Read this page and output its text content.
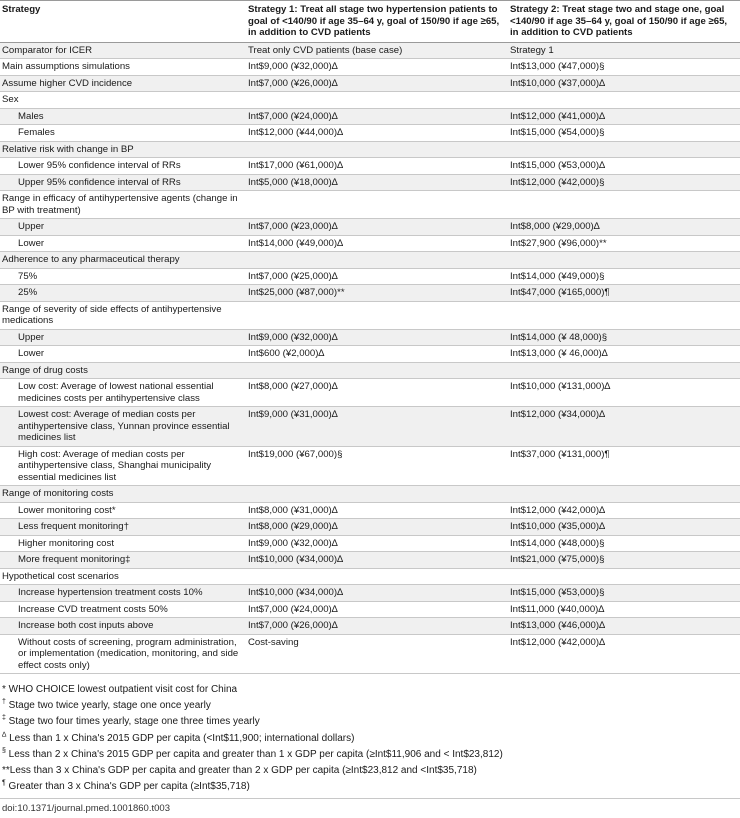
Strategy	Strategy 1: Treat all stage two hypertension patients to goal of <140/90 if age 35–64 y, goal of 150/90 if age ≥65, in addition to CVD patients	Strategy 2: Treat stage two and stage one, goal <140/90 if age 35–64 y, goal of 150/90 if age ≥65, in addition to CVD patients
Comparator for ICER	Treat only CVD patients (base case)	Strategy 1
Main assumptions simulations	Int$9,000 (¥32,000)∆	Int$13,000 (¥47,000)§
Assume higher CVD incidence	Int$7,000 (¥26,000)∆	Int$10,000 (¥37,000)∆
Sex		
Males	Int$7,000 (¥24,000)∆	Int$12,000 (¥41,000)∆
Females	Int$12,000 (¥44,000)∆	Int$15,000 (¥54,000)§
Relative risk with change in BP		
Lower 95% confidence interval of RRs	Int$17,000 (¥61,000)∆	Int$15,000 (¥53,000)∆
Upper 95% confidence interval of RRs	Int$5,000 (¥18,000)∆	Int$12,000 (¥42,000)§
Range in efficacy of antihypertensive agents (change in BP with treatment)		
Upper	Int$7,000 (¥23,000)∆	Int$8,000 (¥29,000)∆
Lower	Int$14,000 (¥49,000)∆	Int$27,900 (¥96,000)**
Adherence to any pharmaceutical therapy		
75%	Int$7,000 (¥25,000)∆	Int$14,000 (¥49,000)§
25%	Int$25,000 (¥87,000)**	Int$47,000 (¥165,000)¶
Range of severity of side effects of antihypertensive medications		
Upper	Int$9,000 (¥32,000)∆	Int$14,000 (¥ 48,000)§
Lower	Int$600 (¥2,000)∆	Int$13,000 (¥ 46,000)∆
Range of drug costs		
Low cost: Average of lowest national essential medicines costs per antihypertensive class	Int$8,000 (¥27,000)∆	Int$10,000 (¥131,000)∆
Lowest cost: Average of median costs per antihypertensive class, Yunnan province essential medicines list	Int$9,000 (¥31,000)∆	Int$12,000 (¥34,000)∆
High cost: Average of median costs per antihypertensive class, Shanghai municipality essential medicines list	Int$19,000 (¥67,000)§	Int$37,000 (¥131,000)¶
Range of monitoring costs		
Lower monitoring cost*	Int$8,000 (¥31,000)∆	Int$12,000 (¥42,000)∆
Less frequent monitoring†	Int$8,000 (¥29,000)∆	Int$10,000 (¥35,000)∆
Higher monitoring cost	Int$9,000 (¥32,000)∆	Int$14,000 (¥48,000)§
More frequent monitoring‡	Int$10,000 (¥34,000)∆	Int$21,000 (¥75,000)§
Hypothetical cost scenarios		
Increase hypertension treatment costs 10%	Int$10,000 (¥34,000)∆	Int$15,000 (¥53,000)§
Increase CVD treatment costs 50%	Int$7,000 (¥24,000)∆	Int$11,000 (¥40,000)∆
Increase both cost inputs above	Int$7,000 (¥26,000)∆	Int$13,000 (¥46,000)∆
Without costs of screening, program administration, or implementation (medication, monitoring, and side effect costs only)	Cost-saving	Int$12,000 (¥42,000)∆
* WHO CHOICE lowest outpatient visit cost for China
† Stage two twice yearly, stage one once yearly
‡ Stage two four times yearly, stage one three times yearly
∆ Less than 1 x China's 2015 GDP per capita (<Int$11,900; international dollars)
§ Less than 2 x China's 2015 GDP per capita and greater than 1 x GDP per capita (≥Int$11,906 and < Int$23,812)
**Less than 3 x China's GDP per capita and greater than 2 x GDP per capita (≥Int$23,812 and <Int$35,718)
¶ Greater than 3 x China's GDP per capita (≥Int$35,718)
doi:10.1371/journal.pmed.1001860.t003
